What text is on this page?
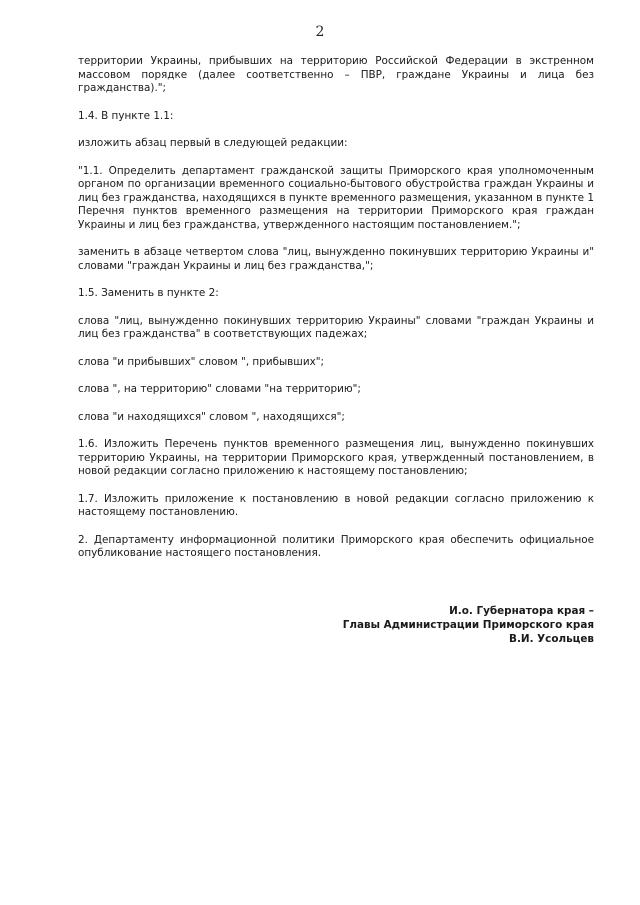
2

территории Украины, прибывших на территорию Российской Федерации в экстренном массовом порядке (далее соответственно – ПВР, граждане Украины и лица без гражданства).";

1.4. В пункте 1.1:

изложить абзац первый в следующей редакции:

"1.1. Определить департамент гражданской защиты Приморского края уполномоченным органом по организации временного социально-бытового обустройства граждан Украины и лиц без гражданства, находящихся в пункте временного размещения, указанном в пункте 1 Перечня пунктов временного размещения на территории Приморского края граждан Украины и лиц без гражданства, утвержденного настоящим постановлением.";

заменить в абзаце четвертом слова "лиц, вынужденно покинувших территорию Украины и" словами "граждан Украины и лиц без гражданства,";

1.5. Заменить в пункте 2:

слова "лиц, вынужденно покинувших территорию Украины" словами "граждан Украины и лиц без гражданства" в соответствующих падежах;

слова "и прибывших" словом ", прибывших";

слова ", на территорию" словами "на территорию";

слова "и находящихся" словом ", находящихся";

1.6. Изложить Перечень пунктов временного размещения лиц, вынужденно покинувших территорию Украины, на территории Приморского края, утвержденный постановлением, в новой редакции согласно приложению к настоящему постановлению;

1.7. Изложить приложение к постановлению в новой редакции согласно приложению к настоящему постановлению.

2. Департаменту информационной политики Приморского края обеспечить официальное опубликование настоящего постановления.

И.о. Губернатора края –
Главы Администрации Приморского края
В.И. Усольцев
